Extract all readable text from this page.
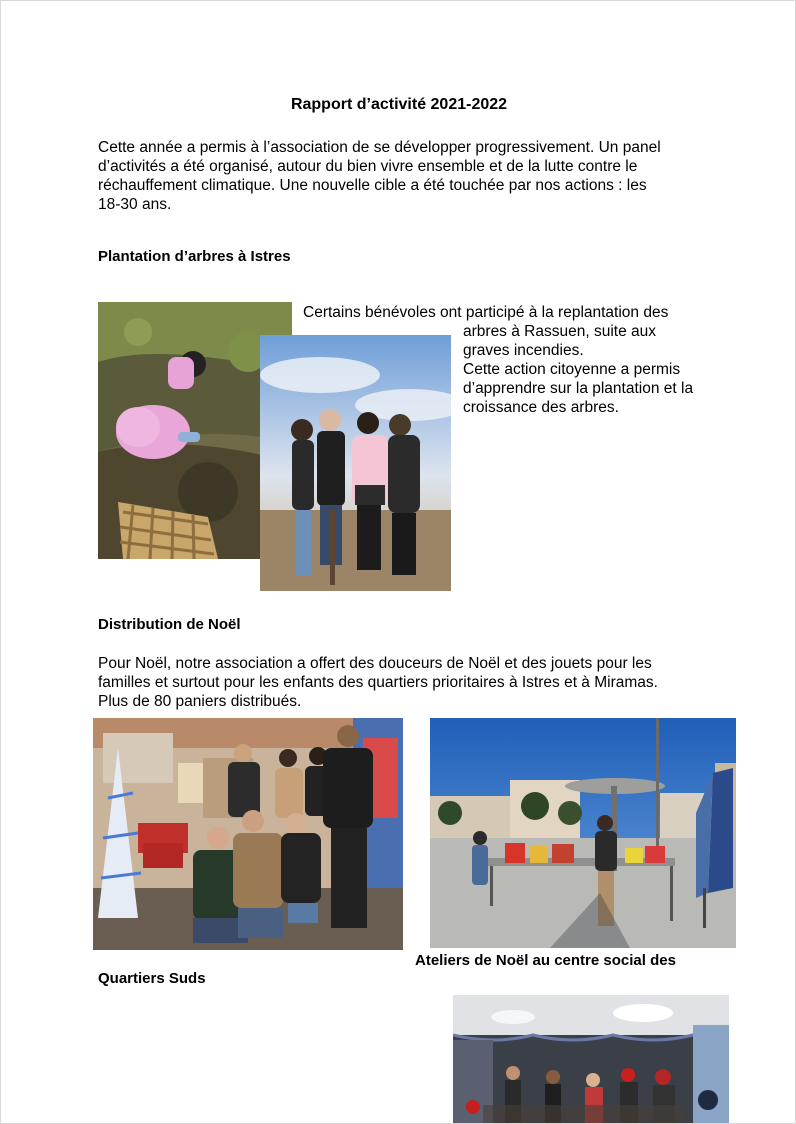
Rapport d’activité 2021-2022
Cette année a permis à l’association de se développer progressivement. Un panel
d’activités a été organisé, autour du bien vivre ensemble et de la lutte contre le
réchauffement climatique. Une nouvelle cible a été touchée par nos actions : les
18-30 ans.
Plantation d’arbres à Istres
Certains bénévoles ont participé à la replantation des
arbres à Rassuen, suite aux
graves incendies.
Cette action citoyenne a permis
d’apprendre sur la plantation et la
croissance des arbres.
Distribution de Noël
Pour Noël, notre association a offert des douceurs de Noël et des jouets pour les
familles et surtout pour les enfants des quartiers prioritaires à Istres et à Miramas.
Plus de 80 paniers distribués.
Ateliers de Noël au centre social des
Quartiers Suds
